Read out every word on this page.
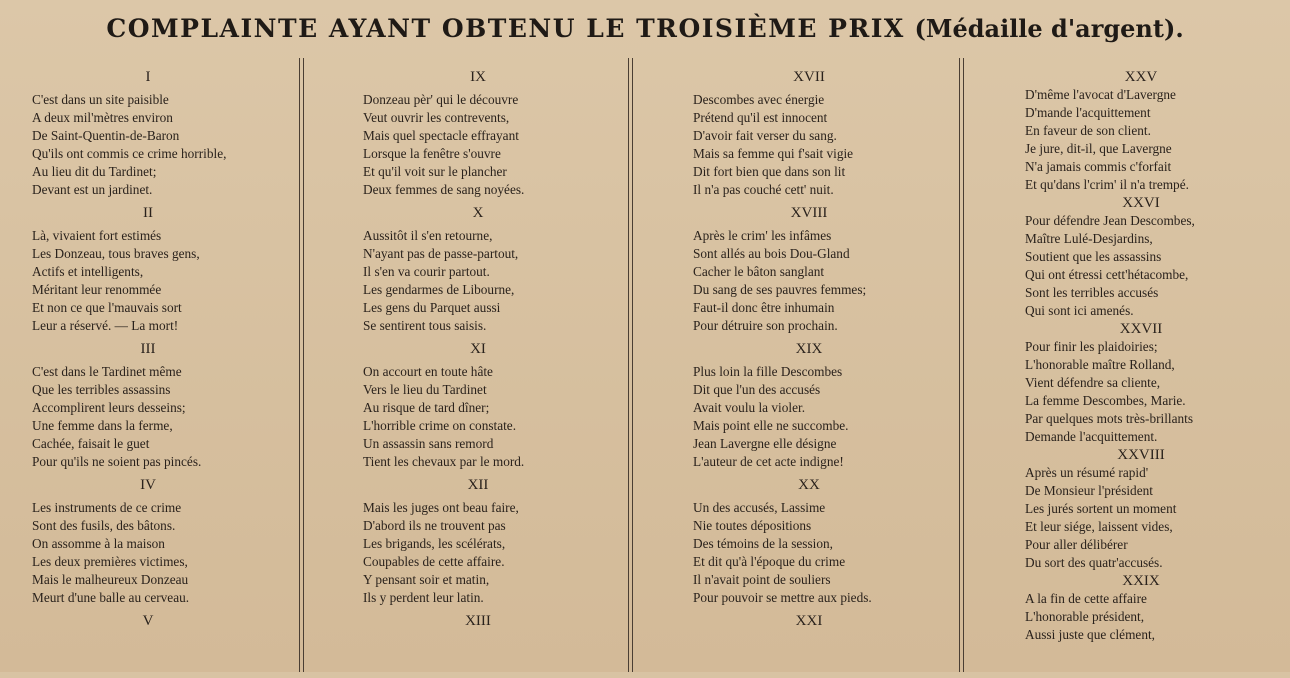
COMPLAINTE AYANT OBTENU LE TROISIÈME PRIX (Médaille d'argent).
I
C'est dans un site paisible
A deux mil'mètres environ
De Saint-Quentin-de-Baron
Qu'ils ont commis ce crime horrible,
Au lieu dit du Tardinet;
Devant est un jardinet.
II
Là, vivaient fort estimés
Les Donzeau, tous braves gens,
Actifs et intelligents,
Méritant leur renommée
Et non ce que l'mauvais sort
Leur a réservé. — La mort!
III
C'est dans le Tardinet même
Que les terribles assassins
Accomplirent leurs desseins;
Une femme dans la ferme,
Cachée, faisait le guet
Pour qu'ils ne soient pas pincés.
IV
Les instruments de ce crime
Sont des fusils, des bâtons.
On assomme à la maison
Les deux premières victimes,
Mais le malheureux Donzeau
Meurt d'une balle au cerveau.
V
IX
Donzeau pèr' qui le découvre
Veut ouvrir les contrevents,
Mais quel spectacle effrayant
Lorsque la fenêtre s'ouvre
Et qu'il voit sur le plancher
Deux femmes de sang noyées.
X
Aussitôt il s'en retourne,
N'ayant pas de passe-partout,
Il s'en va courir partout.
Les gendarmes de Libourne,
Les gens du Parquet aussi
Se sentirent tous saisis.
XI
On accourt en toute hâte
Vers le lieu du Tardinet
Au risque de tard dîner;
L'horrible crime on constate.
Un assassin sans remord
Tient les chevaux par le mord.
XII
Mais les juges ont beau faire,
D'abord ils ne trouvent pas
Les brigands, les scélérats,
Coupables de cette affaire.
Y pensant soir et matin,
Ils y perdent leur latin.
XIII
XVII
Descombes avec énergie
Prétend qu'il est innocent
D'avoir fait verser du sang.
Mais sa femme qui f'sait vigie
Dit fort bien que dans son lit
Il n'a pas couché cett' nuit.
XVIII
Après le crim' les infâmes
Sont allés au bois Dou-Gland
Cacher le bâton sanglant
Du sang de ses pauvres femmes;
Faut-il donc être inhumain
Pour détruire son prochain.
XIX
Plus loin la fille Descombes
Dit que l'un des accusés
Avait voulu la violer.
Mais point elle ne succombe.
Jean Lavergne elle désigne
L'auteur de cet acte indigne!
XX
Un des accusés, Lassime
Nie toutes dépositions
Des témoins de la session,
Et dit qu'à l'époque du crime
Il n'avait point de souliers
Pour pouvoir se mettre aux pieds.
XXI
XXV
D'même l'avocat d'Lavergne
D'mande l'acquittement
En faveur de son client.
Je jure, dit-il, que Lavergne
N'a jamais commis c'forfait
Et qu'dans l'crim' il n'a trempé.
XXVI
Pour défendre Jean Descombes,
Maître Lulé-Desjardins,
Soutient que les assassins
Qui ont étressi cett'hétacombe,
Sont les terribles accusés
Qui sont ici amenés.
XXVII
Pour finir les plaidoiries;
L'honorable maître Rolland,
Vient défendre sa cliente,
La femme Descombes, Marie.
Par quelques mots très-brillants
Demande l'acquittement.
XXVIII
Après un résumé rapid'
De Monsieur l'président
Les jurés sortent un moment
Et leur siége, laissent vides,
Pour aller délibérer
Du sort des quatr'accusés.
XXIX
A la fin de cette affaire
L'honorable président,
Aussi juste que clément,
